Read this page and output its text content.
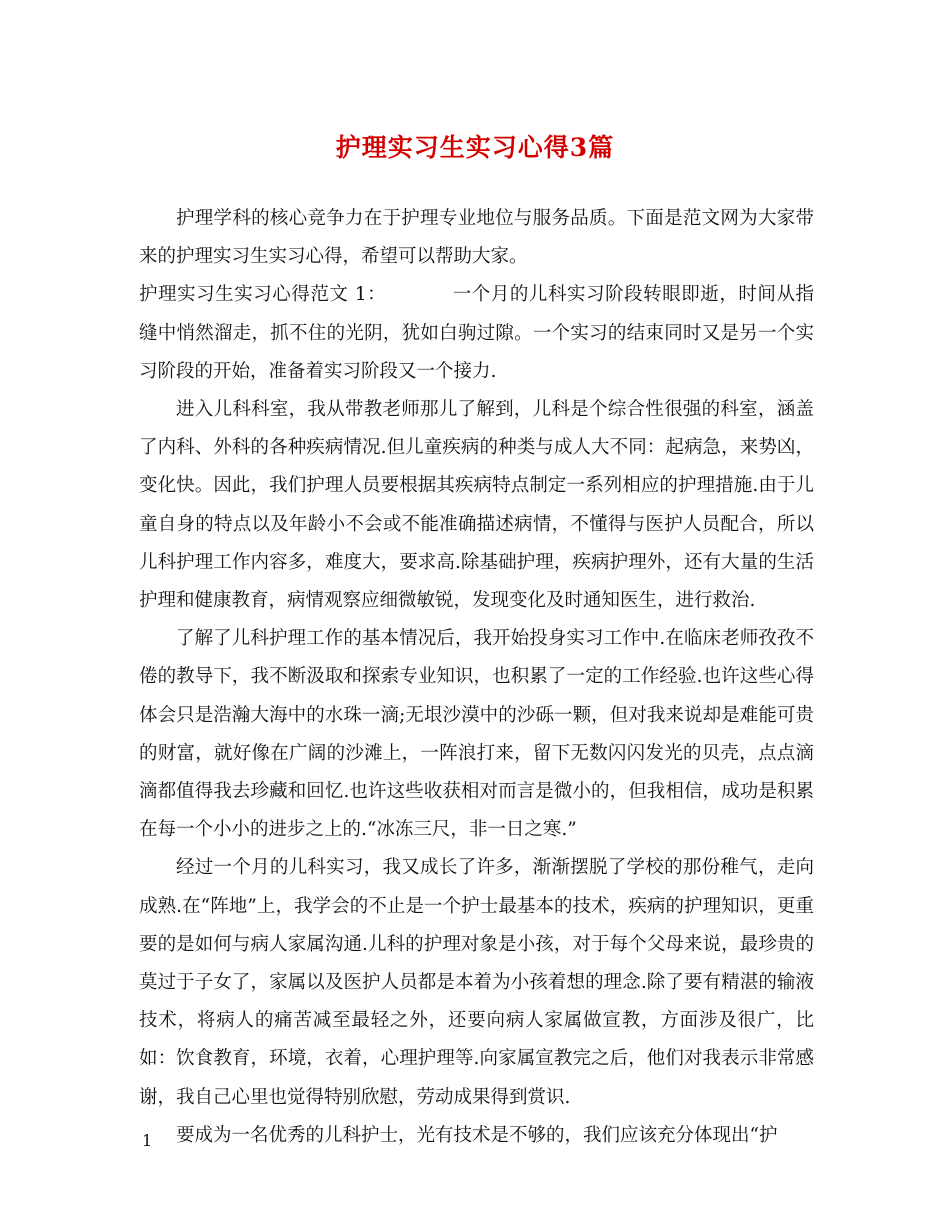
护理实习生实习心得3篇

护理学科的核心竞争力在于护理专业地位与服务品质。下面是范文网为大家带来的护理实习生实习心得，希望可以帮助大家。

护理实习生实习心得范文 1：	一个月的儿科实习阶段转眼即逝，时间从指缝中悄然溜走，抓不住的光阴，犹如白驹过隙。一个实习的结束同时又是另一个实习阶段的开始，准备着实习阶段又一个接力.

进入儿科科室，我从带教老师那儿了解到，儿科是个综合性很强的科室，涵盖了内科、外科的各种疾病情况.但儿童疾病的种类与成人大不同：起病急，来势凶，变化快。因此，我们护理人员要根据其疾病特点制定一系列相应的护理措施.由于儿童自身的特点以及年龄小不会或不能准确描述病情，不懂得与医护人员配合，所以儿科护理工作内容多，难度大，要求高.除基础护理，疾病护理外，还有大量的生活护理和健康教育，病情观察应细微敏锐，发现变化及时通知医生，进行救治.

了解了儿科护理工作的基本情况后，我开始投身实习工作中.在临床老师孜孜不倦的教导下，我不断汲取和探索专业知识，也积累了一定的工作经验.也许这些心得体会只是浩瀚大海中的水珠一滴;无垠沙漠中的沙砾一颗，但对我来说却是难能可贵的财富，就好像在广阔的沙滩上，一阵浪打来，留下无数闪闪发光的贝壳，点点滴滴都值得我去珍藏和回忆.也许这些收获相对而言是微小的，但我相信，成功是积累在每一个小小的进步之上的.“冰冻三尺，非一日之寒.”

经过一个月的儿科实习，我又成长了许多，渐渐摆脱了学校的那份稚气，走向成熟.在“阵地”上，我学会的不止是一个护士最基本的技术，疾病的护理知识，更重要的是如何与病人家属沟通.儿科的护理对象是小孩，对于每个父母来说，最珍贵的莫过于子女了，家属以及医护人员都是本着为小孩着想的理念.除了要有精湛的输液技术，将病人的痛苦减至最轻之外，还要向病人家属做宣教，方面涉及很广，比如：饮食教育，环境，衣着，心理护理等.向家属宣教完之后，他们对我表示非常感谢，我自己心里也觉得特别欣慰，劳动成果得到赏识.

要成为一名优秀的儿科护士，光有技术是不够的，我们应该充分体现出“护

1
